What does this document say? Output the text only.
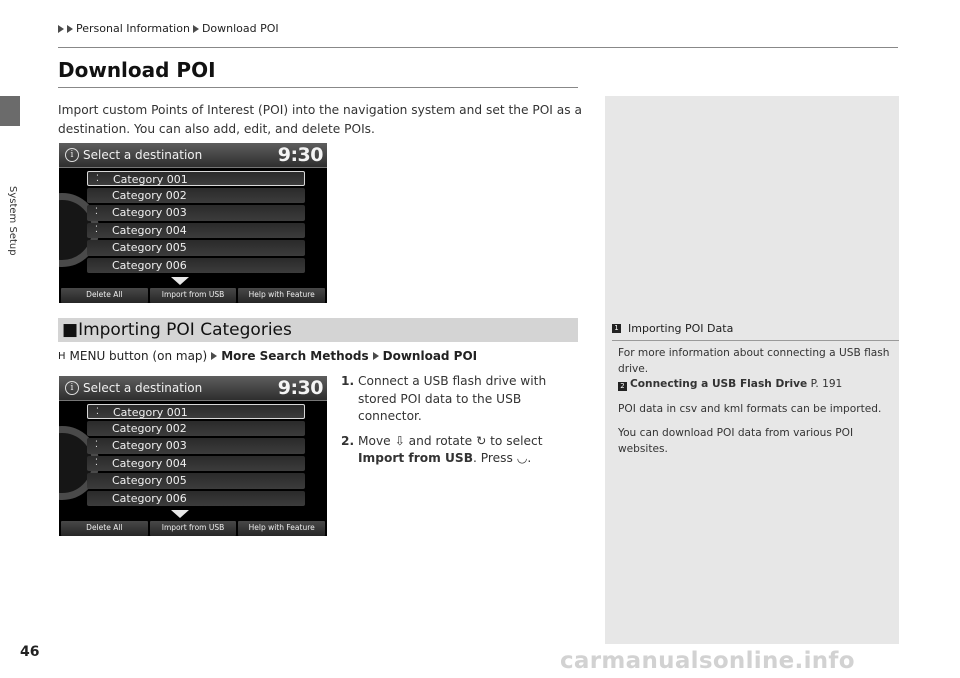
System Setup
46
Personal Information Download POI
Download POI
Import custom Points of Interest (POI) into the navigation system and set the POI as a destination. You can also add, edit, and delete POIs.
i Select a destination	9:30
⁚ Category 001
Category 002
⁚ Category 003
⁚ Category 004
Category 005
Category 006
Delete All	Import from USB	Help with Feature
■Importing POI Categories
H MENU button (on map) More Search Methods Download POI
i Select a destination	9:30
⁚ Category 001
Category 002
⁚ Category 003
⁚ Category 004
Category 005
Category 006
Delete All	Import from USB	Help with Feature
1. Connect a USB flash drive with stored POI data to the USB connector.
2. Move ⇩ and rotate ↻ to select Import from USB. Press ◡.
1 Importing POI Data

For more information about connecting a USB flash drive.
2 Connecting a USB Flash Drive P. 191

POI data in csv and kml formats can be imported.

You can download POI data from various POI websites.

carmanualsonline.info
